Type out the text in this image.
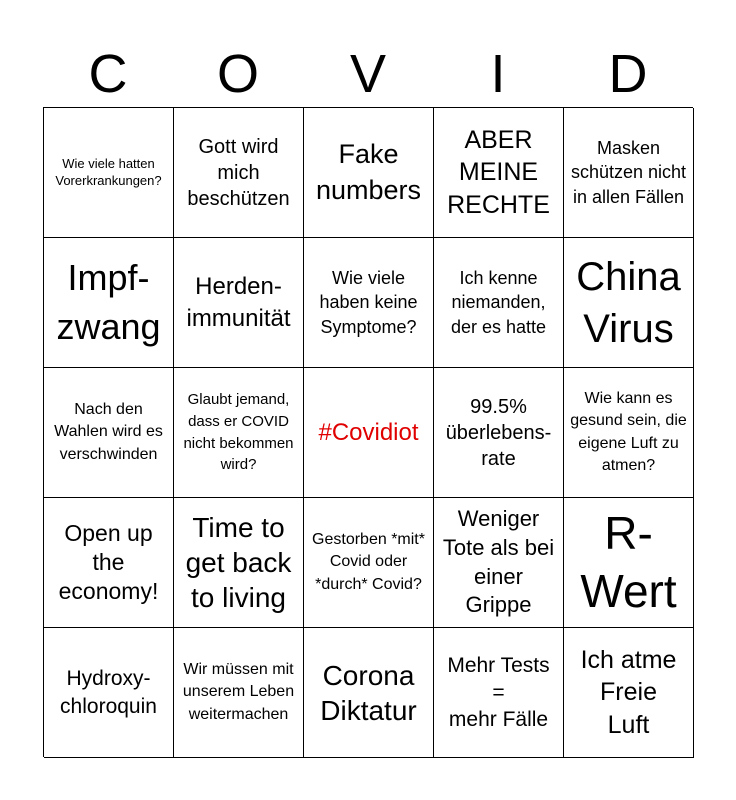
C	O	V	I	D
Wie viele hatten Vorerkrankungen?
Gott wird mich beschützen
Fake numbers
ABER
MEINE
RECHTE
Masken schützen nicht in allen Fällen
Impf-
zwang
Herden-
immunität
Wie viele haben keine Symptome?
Ich kenne niemanden, der es hatte
China
Virus
Nach den Wahlen wird es verschwinden
Glaubt jemand, dass er COVID nicht bekommen wird?
#Covidiot
99.5%
überlebens-
rate
Wie kann es gesund sein, die eigene Luft zu atmen?
Open up the economy!
Time to get back to living
Gestorben *mit* Covid oder *durch* Covid?
Weniger Tote als bei einer Grippe
R-
Wert
Hydroxy-
chloroquin
Wir müssen mit unserem Leben weitermachen
Corona
Diktatur
Mehr Tests
=
mehr Fälle
Ich atme
Freie
Luft
